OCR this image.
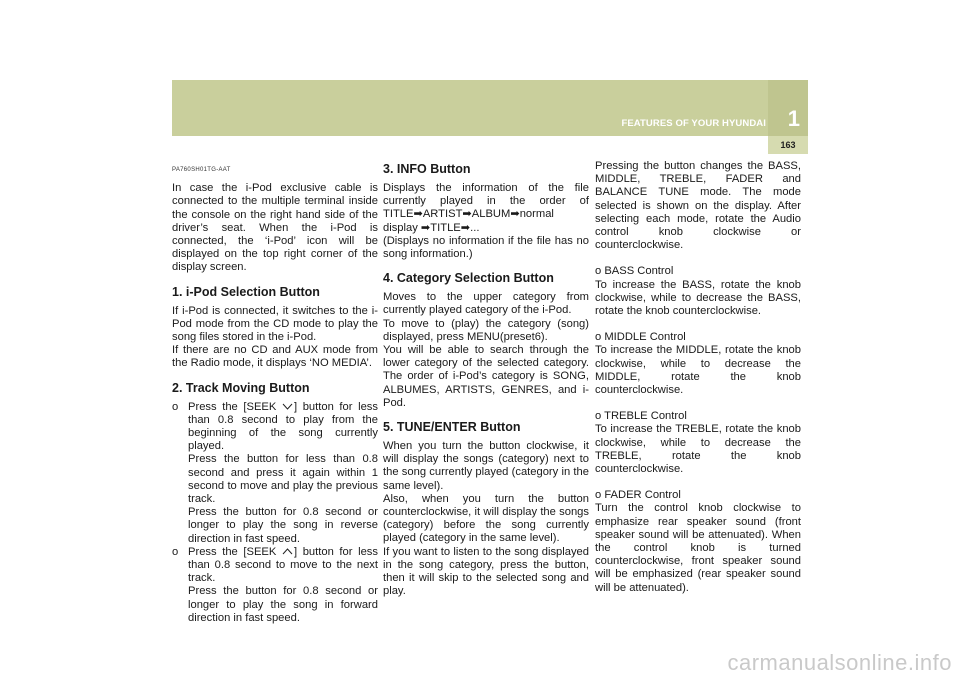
1
FEATURES OF YOUR HYUNDAI
163

PA760SH01TG-AAT

In case the i-Pod exclusive cable is connected to the multiple terminal inside the console on the right hand side of the driver’s seat. When the i-Pod is connected, the ‘i-Pod’ icon will be displayed on the top right corner of the display screen.

1. i-Pod Selection Button

If i-Pod is connected, it switches to the i-Pod mode from the CD mode to play the song files stored in the i-Pod.

If there are no CD and AUX mode from the Radio mode, it displays ‘NO MEDIA’.

2. Track Moving Button
o Press the [SEEK ] button for less than 0.8 second to play from the beginning of the song currently played.

Press the button for less than 0.8 second and press it again within 1 second to move and play the previous track.

Press the button for 0.8 second or longer to play the song in reverse direction in fast speed.

o Press the [SEEK ] button for less than 0.8 second to move to the next track.

Press the button for 0.8 second or longer to play the song in forward direction in fast speed.

3. INFO Button

Displays the information of the file currently played in the order of TITLE➡ARTIST➡ALBUM➡normal display ➡TITLE➡...

(Displays no information if the file has no song information.)

4. Category Selection Button

Moves to the upper category from currently played category of the i-Pod.

To move to (play) the category (song) displayed, press MENU(preset6).

You will be able to search through the lower category of the selected category. The order of i-Pod’s category is SONG, ALBUMES, ARTISTS, GENRES, and i-Pod.

5. TUNE/ENTER Button

When you turn the button clockwise, it will display the songs (category) next to the song currently played (category in the same level).

Also, when you turn the button counterclockwise, it will display the songs (category) before the song currently played (category in the same level).

If you want to listen to the song displayed in the song category, press the button, then it will skip to the selected song and play.

Pressing the button changes the BASS, MIDDLE, TREBLE, FADER and BALANCE TUNE mode. The mode selected is shown on the display. After selecting each mode, rotate the Audio control knob clockwise or counterclockwise.

o BASS Control

To increase the BASS, rotate the knob clockwise, while to decrease the BASS, rotate the knob counterclockwise.

o MIDDLE Control

To increase the MIDDLE, rotate the knob clockwise, while to decrease the MIDDLE, rotate the knob counterclockwise.

o TREBLE Control

To increase the TREBLE, rotate the knob clockwise, while to decrease the TREBLE, rotate the knob counterclockwise.

o FADER Control

Turn the control knob clockwise to emphasize rear speaker sound (front speaker sound will be attenuated). When the control knob is turned counterclockwise, front speaker sound will be emphasized (rear speaker sound will be attenuated).

carmanualsonline.info
